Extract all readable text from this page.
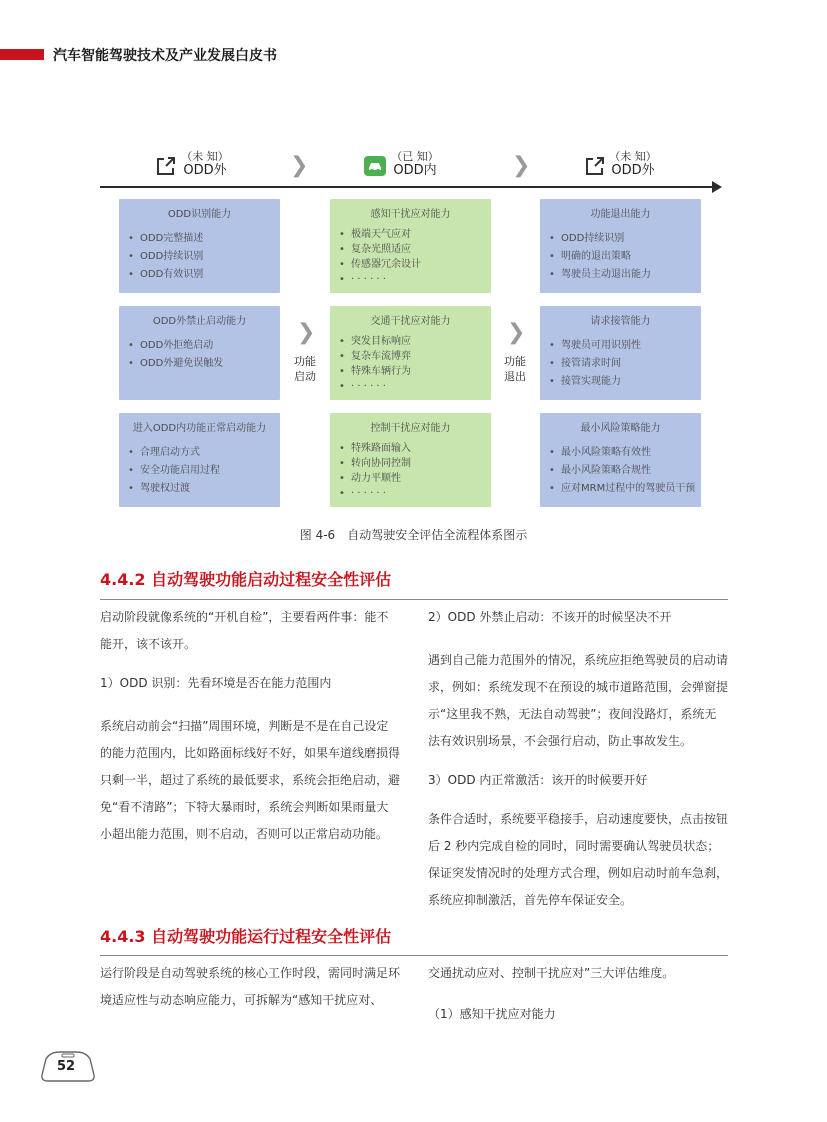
汽车智能驾驶技术及产业发展白皮书
（未 知）
ODD外	❯	（已 知）
ODD内	❯	（未 知）
ODD外
ODD识别能力
• ODD完整描述
• ODD持续识别
• ODD有效识别
感知干扰应对能力
• 极端天气应对
• 复杂光照适应
• 传感器冗余设计
• · · · · · ·
功能退出能力
• ODD持续识别
• 明确的退出策略
• 驾驶员主动退出能力
ODD外禁止启动能力
• ODD外拒绝启动
• ODD外避免误触发
❯
功能
启动
交通干扰应对能力
• 突发目标响应
• 复杂车流博弈
• 特殊车辆行为
• · · · · · ·
❯
功能
退出
请求接管能力
• 驾驶员可用识别性
• 接管请求时间
• 接管实现能力
进入ODD内功能正常启动能力
• 合理启动方式
• 安全功能启用过程
• 驾驶权过渡
控制干扰应对能力
• 特殊路面输入
• 转向协同控制
• 动力平顺性
• · · · · · ·
最小风险策略能力
• 最小风险策略有效性
• 最小风险策略合规性
• 应对MRM过程中的驾驶员干预
图 4-6　自动驾驶安全评估全流程体系图示
4.4.2 自动驾驶功能启动过程安全性评估

启动阶段就像系统的“开机自检”，主要看两件事：能不能开，该不该开。

1）ODD 识别：先看环境是否在能力范围内

系统启动前会“扫描”周围环境，判断是不是在自己设定的能力范围内，比如路面标线好不好，如果车道线磨损得只剩一半，超过了系统的最低要求，系统会拒绝启动，避免“看不清路”；下特大暴雨时，系统会判断如果雨量大小超出能力范围，则不启动，否则可以正常启动功能。

2）ODD 外禁止启动：不该开的时候坚决不开

遇到自己能力范围外的情况，系统应拒绝驾驶员的启动请求，例如：系统发现不在预设的城市道路范围，会弹窗提示“这里我不熟，无法自动驾驶”；夜间没路灯，系统无法有效识别场景，不会强行启动，防止事故发生。

3）ODD 内正常激活：该开的时候要开好

条件合适时，系统要平稳接手，启动速度要快，点击按钮后 2 秒内完成自检的同时，同时需要确认驾驶员状态；保证突发情况时的处理方式合理，例如启动时前车急刹，系统应抑制激活，首先停车保证安全。

4.4.3 自动驾驶功能运行过程安全性评估

运行阶段是自动驾驶系统的核心工作时段，需同时满足环境适应性与动态响应能力，可拆解为“感知干扰应对、

交通扰动应对、控制干扰应对”三大评估维度。

（1）感知干扰应对能力

52
